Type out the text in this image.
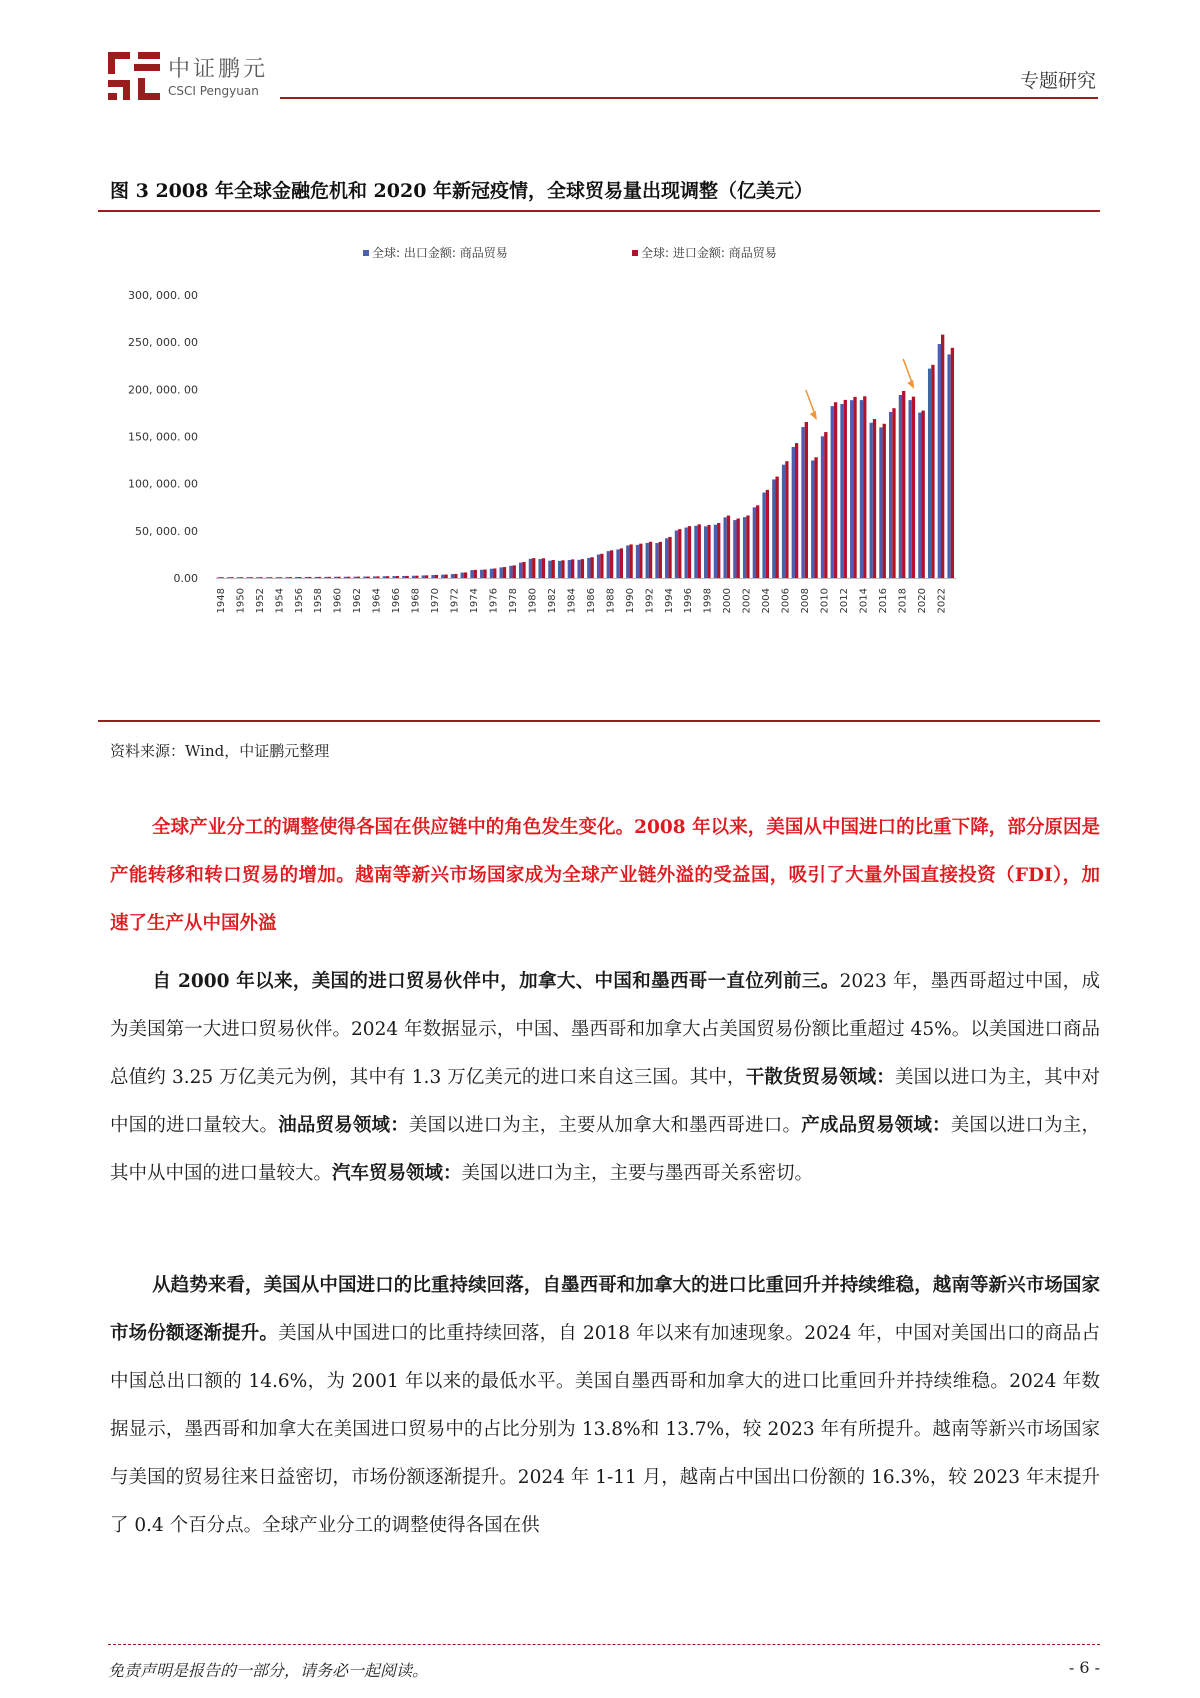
中证鹏元
CSCI Pengyuan	专题研究
图 3 2008 年全球金融危机和 2020 年新冠疫情，全球贸易量出现调整（亿美元）
0.00
50, 000. 00
100, 000. 00
150, 000. 00
200, 000. 00
250, 000. 00
300, 000. 00
1948 1950 1952 1954 1956 1958 1960 1962 1964 1966 1968 1970 1972 1974 1976 1978 1980 1982 1984 1986 1988 1990 1992 1994 1996 1998 2000 2002 2004 2006 2008 2010 2012 2014 2016 2018 2020 2022
全球: 出口金额: 商品贸易	全球: 进口金额: 商品贸易
资料来源：Wind，中证鹏元整理
全球产业分工的调整使得各国在供应链中的角色发生变化。2008 年以来，美国从中国进口的比重下降，部分原因是产能转移和转口贸易的增加。越南等新兴市场国家成为全球产业链外溢的受益国，吸引了大量外国直接投资（FDI），加速了生产从中国外溢
自 2000 年以来，美国的进口贸易伙伴中，加拿大、中国和墨西哥一直位列前三。2023 年，墨西哥超过中国，成为美国第一大进口贸易伙伴。2024 年数据显示，中国、墨西哥和加拿大占美国贸易份额比重超过 45%。以美国进口商品总值约 3.25 万亿美元为例，其中有 1.3 万亿美元的进口来自这三国。其中，干散货贸易领域：美国以进口为主，其中对中国的进口量较大。油品贸易领域：美国以进口为主，主要从加拿大和墨西哥进口。产成品贸易领域：美国以进口为主，其中从中国的进口量较大。汽车贸易领域：美国以进口为主，主要与墨西哥关系密切。
从趋势来看，美国从中国进口的比重持续回落，自墨西哥和加拿大的进口比重回升并持续维稳，越南等新兴市场国家市场份额逐渐提升。美国从中国进口的比重持续回落，自 2018 年以来有加速现象。2024 年，中国对美国出口的商品占中国总出口额的 14.6%，为 2001 年以来的最低水平。美国自墨西哥和加拿大的进口比重回升并持续维稳。2024 年数据显示，墨西哥和加拿大在美国进口贸易中的占比分别为 13.8%和 13.7%，较 2023 年有所提升。越南等新兴市场国家与美国的贸易往来日益密切，市场份额逐渐提升。2024 年 1-11 月，越南占中国出口份额的 16.3%，较 2023 年末提升了 0.4 个百分点。全球产业分工的调整使得各国在供
免责声明是报告的一部分，请务必一起阅读。	- 6 -
